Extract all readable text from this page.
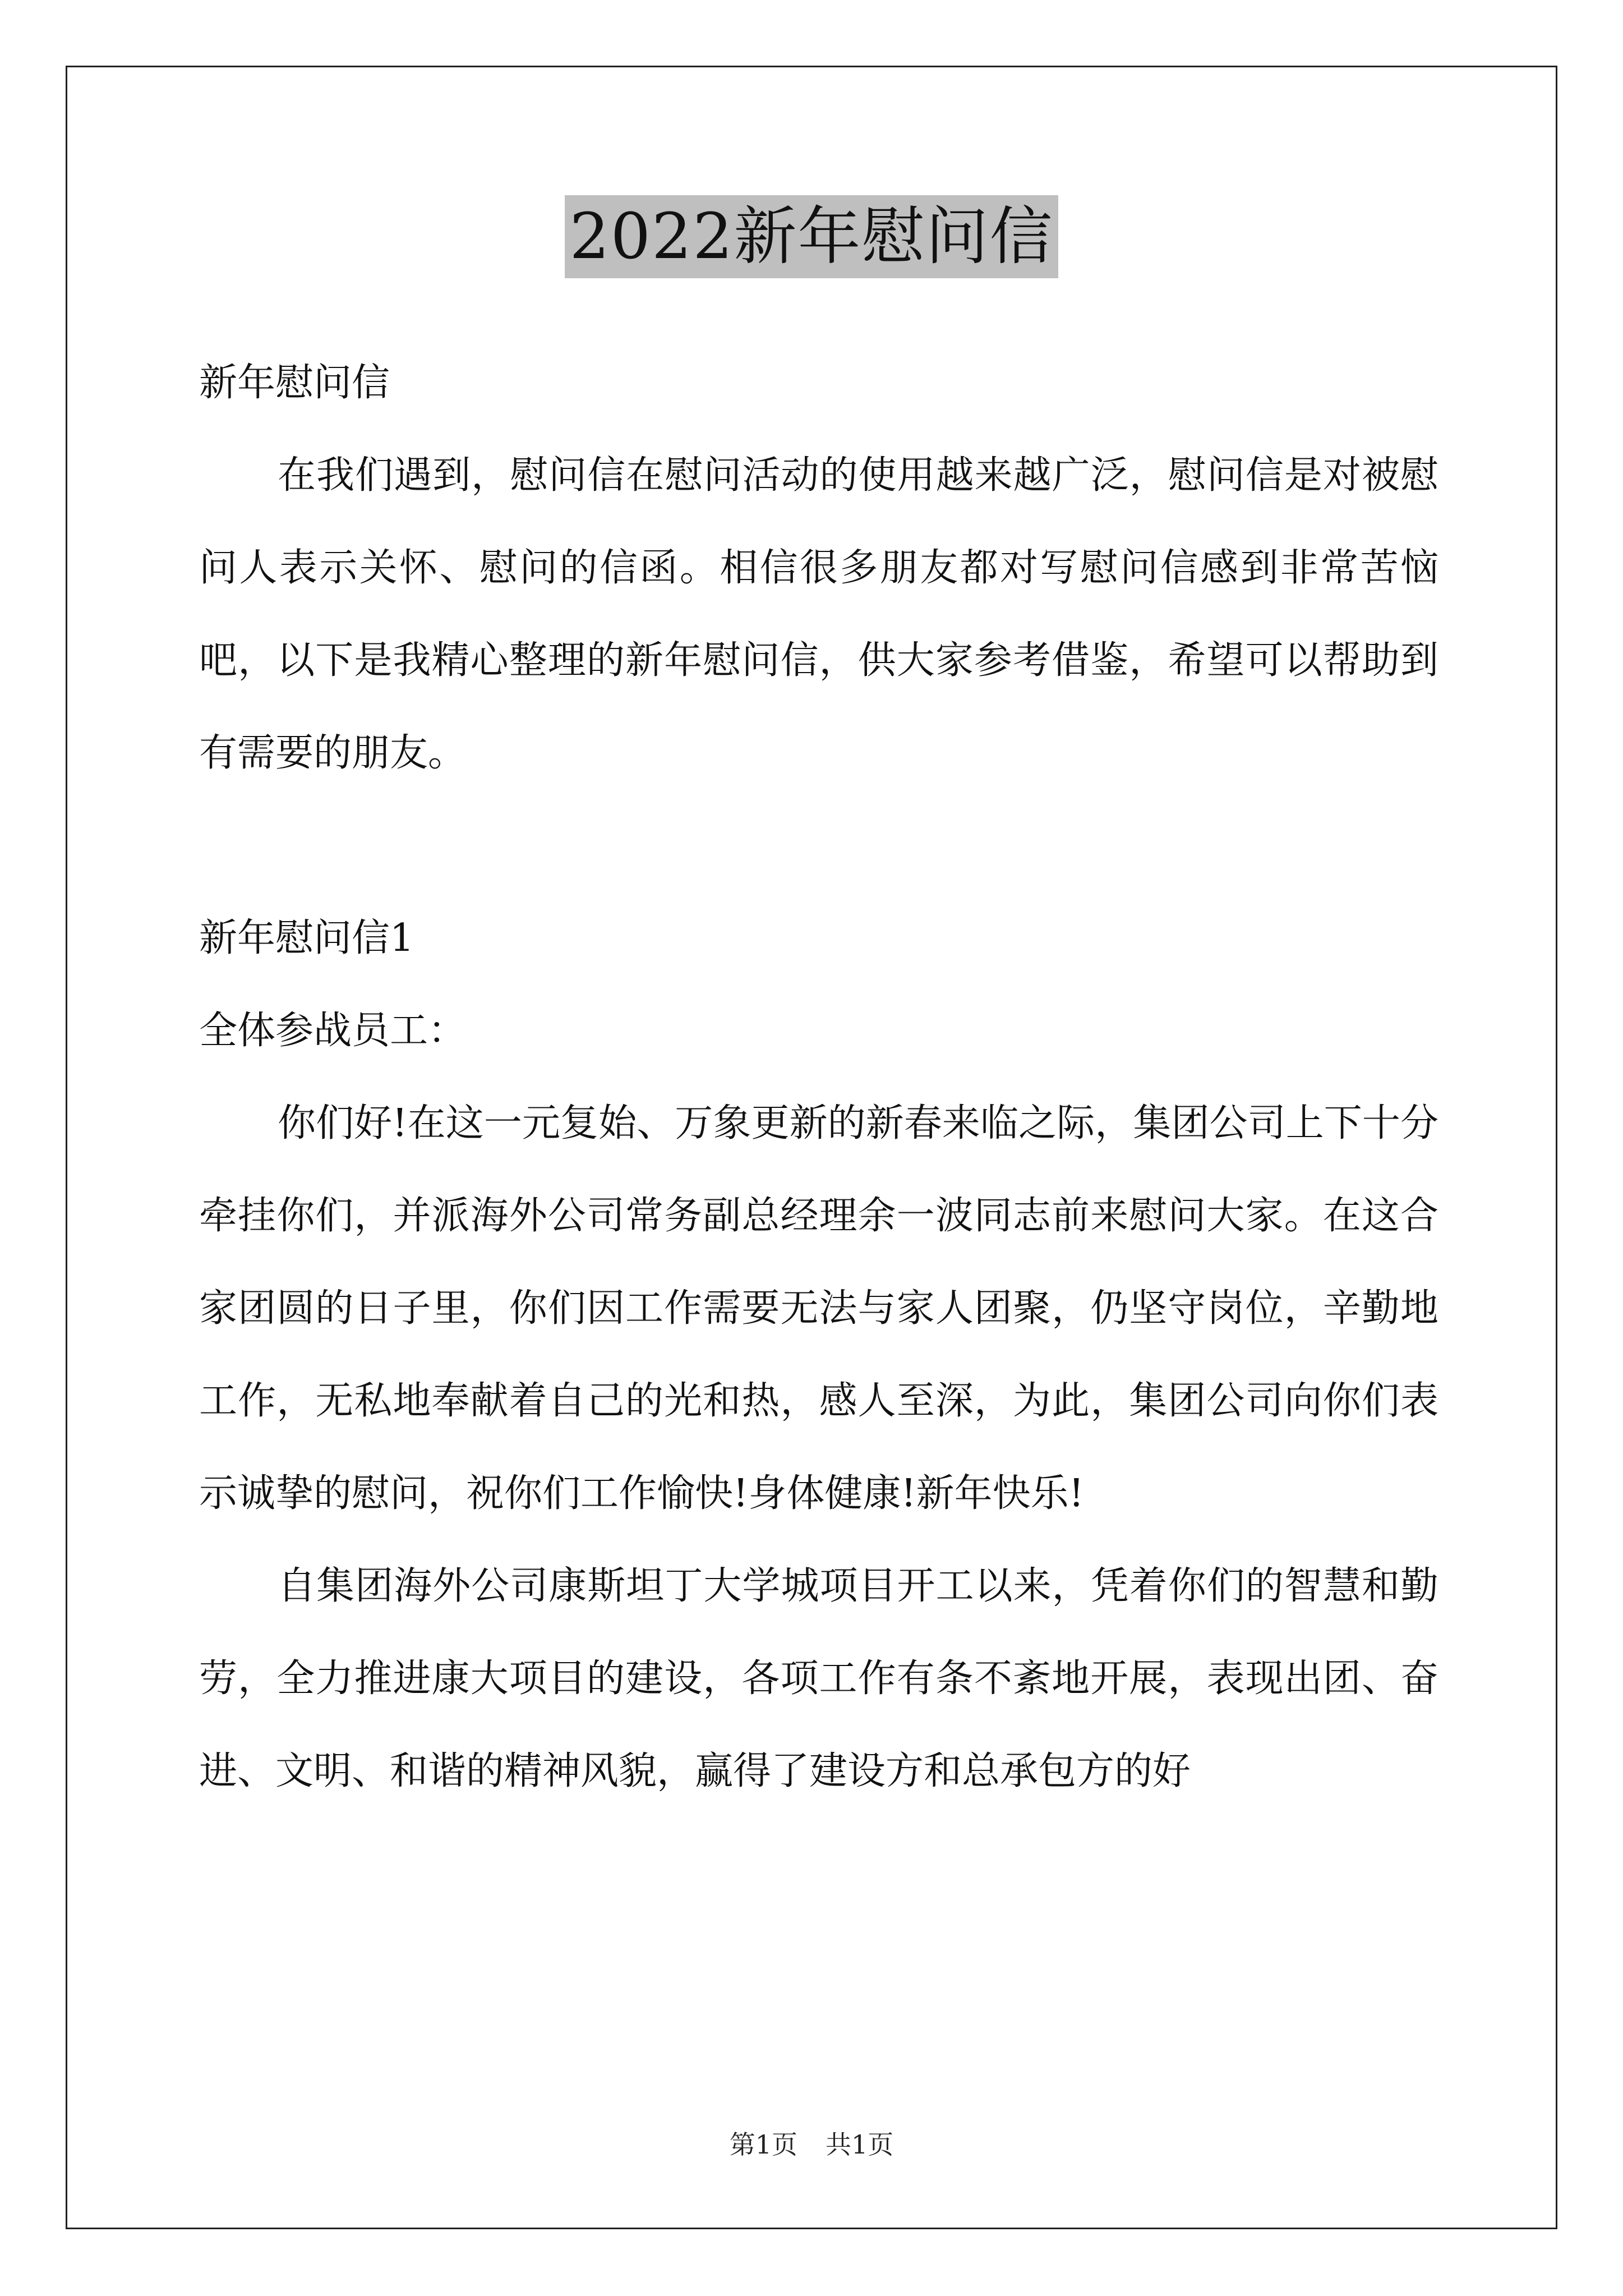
2022新年慰问信

新年慰问信

在我们遇到，慰问信在慰问活动的使用越来越广泛，慰问信是对被慰问人表示关怀、慰问的信函。相信很多朋友都对写慰问信感到非常苦恼吧，以下是我精心整理的新年慰问信，供大家参考借鉴，希望可以帮助到有需要的朋友。

新年慰问信1

全体参战员工：

你们好!在这一元复始、万象更新的新春来临之际，集团公司上下十分牵挂你们，并派海外公司常务副总经理余一波同志前来慰问大家。在这合家团圆的日子里，你们因工作需要无法与家人团聚，仍坚守岗位，辛勤地工作，无私地奉献着自己的光和热，感人至深，为此，集团公司向你们表示诚挚的慰问，祝你们工作愉快!身体健康!新年快乐!

自集团海外公司康斯坦丁大学城项目开工以来，凭着你们的智慧和勤劳，全力推进康大项目的建设，各项工作有条不紊地开展，表现出团、奋进、文明、和谐的精神风貌，赢得了建设方和总承包方的好

第1页 共1页
